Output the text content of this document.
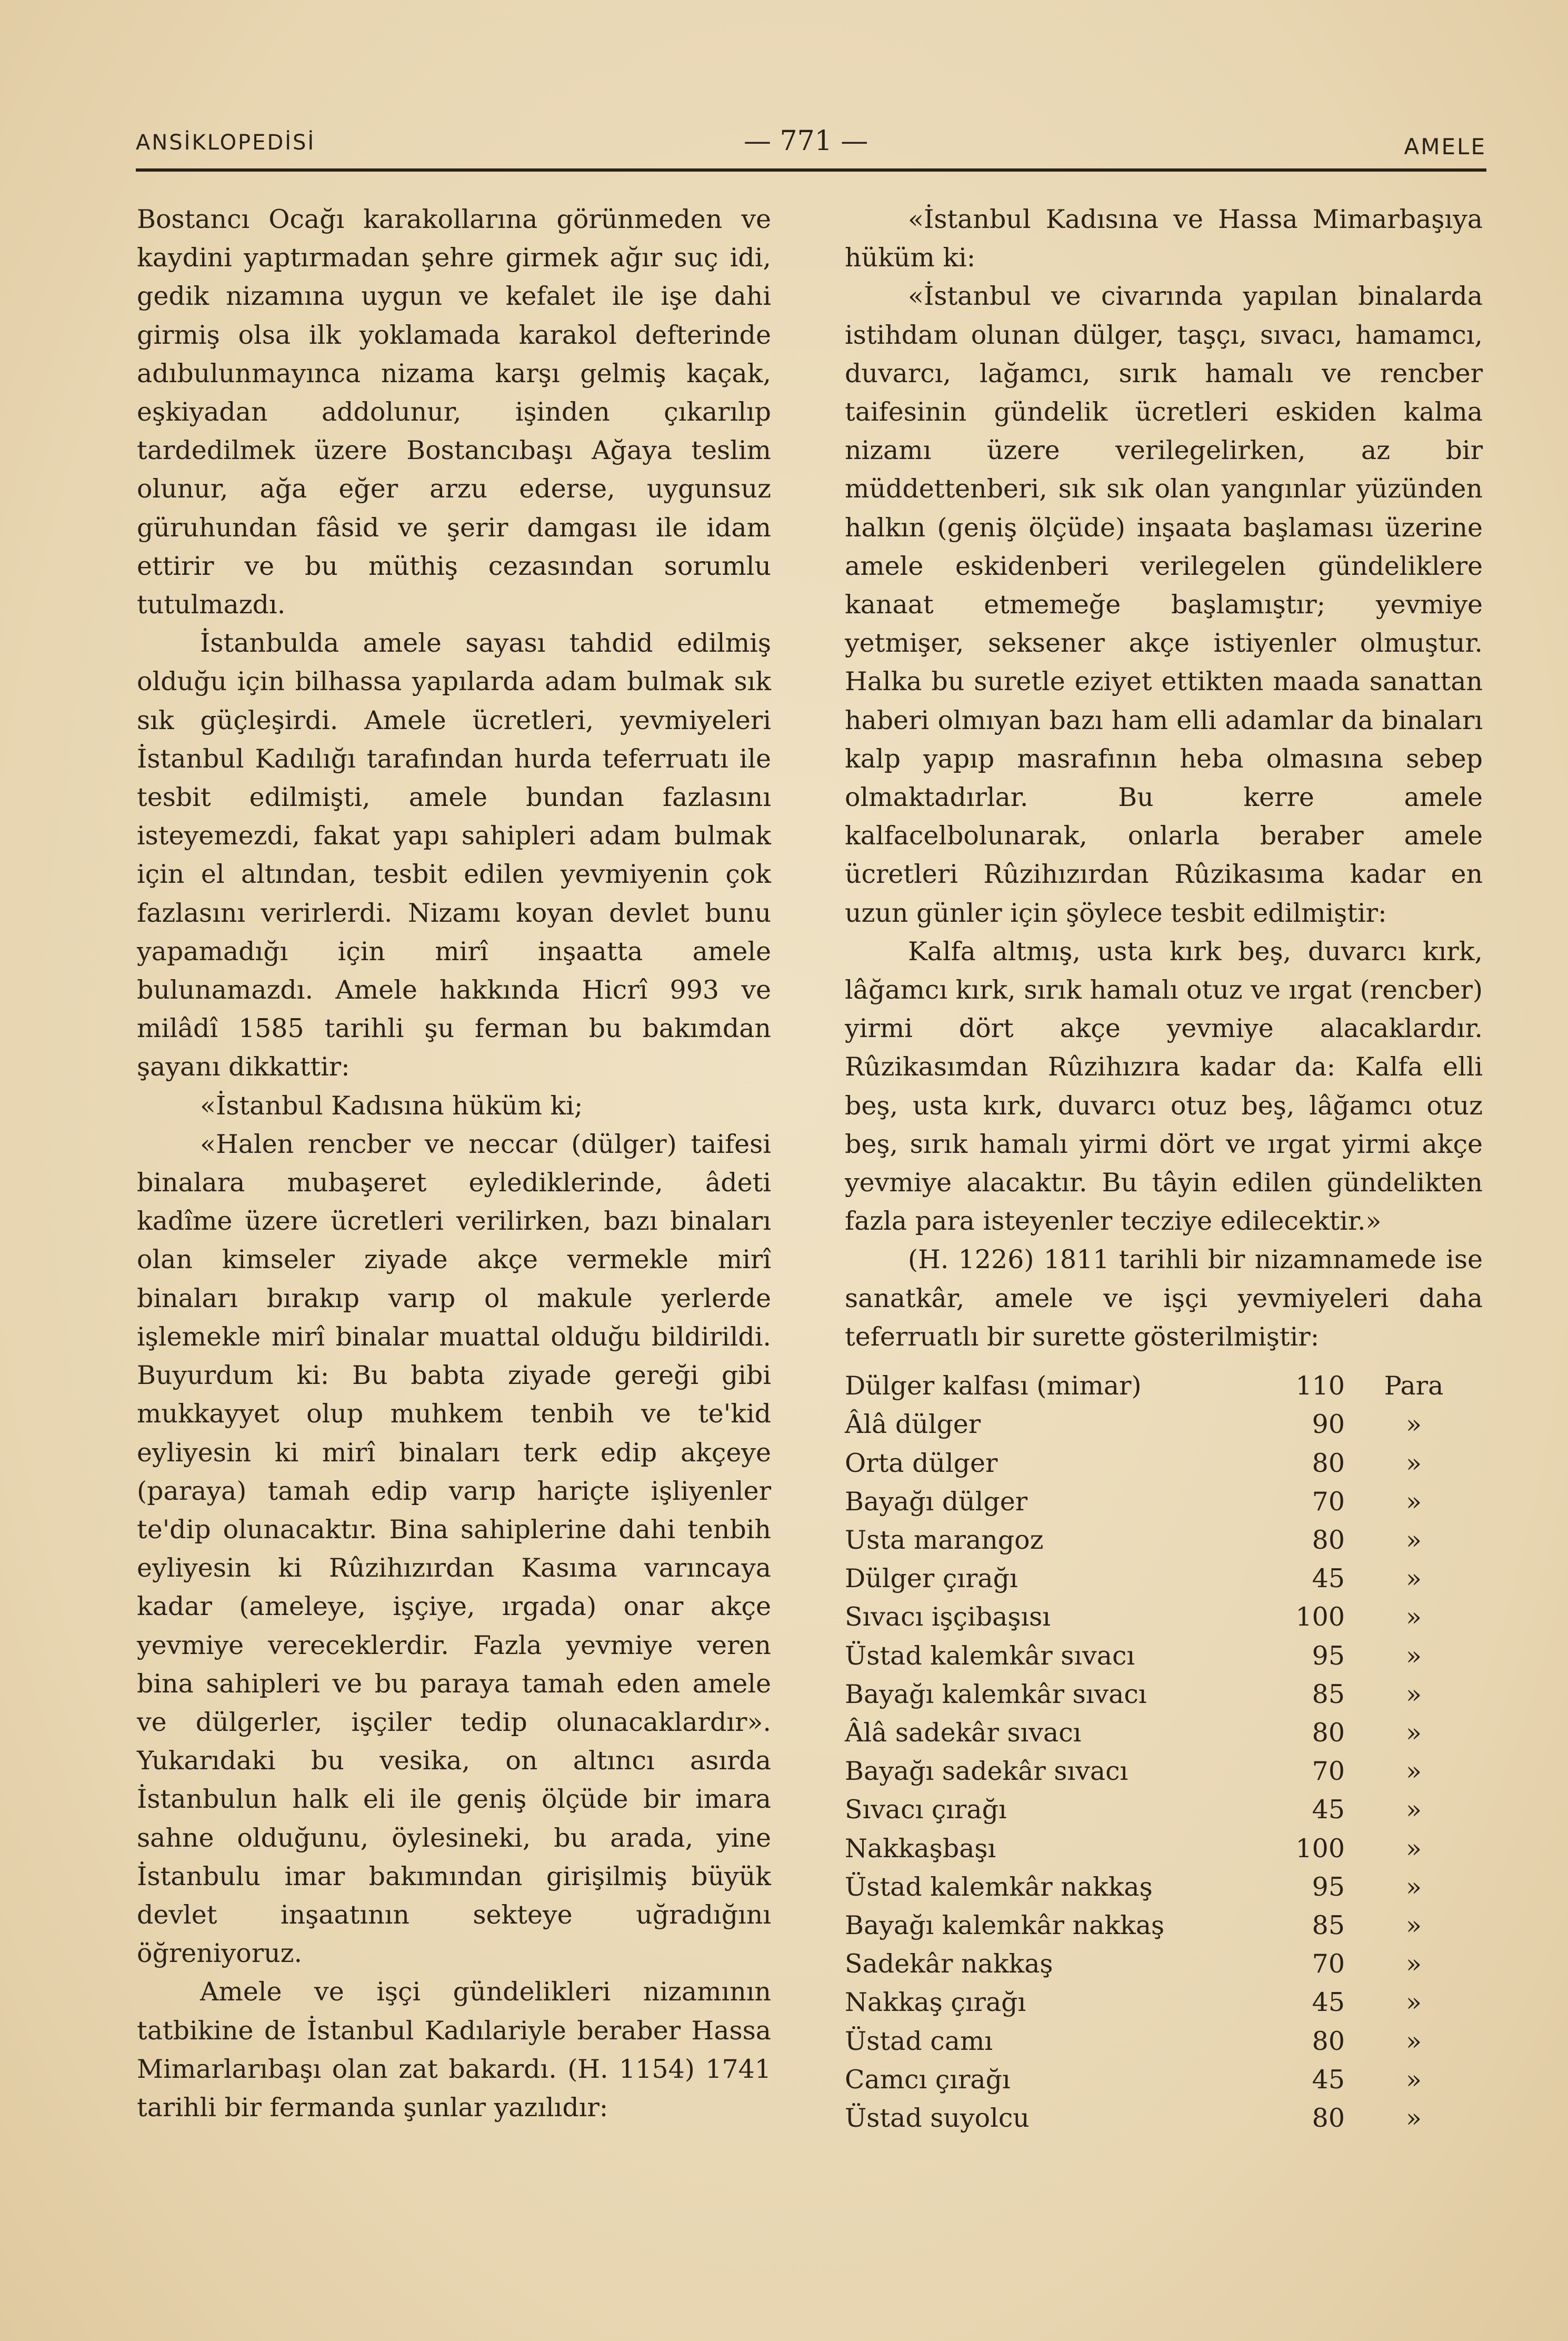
ANSİKLOPEDİSİ	— 771 —	AMELE

Bostancı Ocağı karakollarına görünmeden ve kaydini yaptırmadan şehre girmek ağır suç idi, gedik nizamına uygun ve kefalet ile işe dahi girmiş olsa ilk yoklamada karakol defterinde adıbulunmayınca nizama karşı gelmiş kaçak, eşkiyadan addolunur, işinden çıkarılıp tardedilmek üzere Bostancıbaşı Ağaya teslim olunur, ağa eğer arzu ederse, uygunsuz güruhundan fâsid ve şerir damgası ile idam ettirir ve bu müthiş cezasından sorumlu tutulmazdı.

İstanbulda amele sayası tahdid edilmiş olduğu için bilhassa yapılarda adam bulmak sık sık güçleşirdi. Amele ücretleri, yevmiyeleri İstanbul Kadılığı tarafından hurda teferruatı ile tesbit edilmişti, amele bundan fazlasını isteyemezdi, fakat yapı sahipleri adam bulmak için el altından, tesbit edilen yevmiyenin çok fazlasını verirlerdi. Nizamı koyan devlet bunu yapamadığı için mirî inşaatta amele bulunamazdı. Amele hakkında Hicrî 993 ve milâdî 1585 tarihli şu ferman bu bakımdan şayanı dikkattir:

«İstanbul Kadısına hüküm ki;

«Halen rencber ve neccar (dülger) taifesi binalara mubaşeret eylediklerinde, âdeti kadîme üzere ücretleri verilirken, bazı binaları olan kimseler ziyade akçe vermekle mirî binaları bırakıp varıp ol makule yerlerde işlemekle mirî binalar muattal olduğu bildirildi. Buyurdum ki: Bu babta ziyade gereği gibi mukkayyet olup muhkem tenbih ve te'kid eyliyesin ki mirî binaları terk edip akçeye (paraya) tamah edip varıp hariçte işliyenler te'dip olunacaktır. Bina sahiplerine dahi tenbih eyliyesin ki Rûzihızırdan Kasıma varıncaya kadar (ameleye, işçiye, ırgada) onar akçe yevmiye vereceklerdir. Fazla yevmiye veren bina sahipleri ve bu paraya tamah eden amele ve dülgerler, işçiler tedip olunacaklardır». Yukarıdaki bu vesika, on altıncı asırda İstanbulun halk eli ile geniş ölçüde bir imara sahne olduğunu, öylesineki, bu arada, yine İstanbulu imar bakımından girişilmiş büyük devlet inşaatının sekteye uğradığını öğreniyoruz.

Amele ve işçi gündelikleri nizamının tatbikine de İstanbul Kadılariyle beraber Hassa Mimarlarıbaşı olan zat bakardı. (H. 1154) 1741 tarihli bir fermanda şunlar yazılıdır:

«İstanbul Kadısına ve Hassa Mimarbaşıya hüküm ki:

«İstanbul ve civarında yapılan binalarda istihdam olunan dülger, taşçı, sıvacı, hamamcı, duvarcı, lağamcı, sırık hamalı ve rencber taifesinin gündelik ücretleri eskiden kalma nizamı üzere verilegelirken, az bir müddettenberi, sık sık olan yangınlar yüzünden halkın (geniş ölçüde) inşaata başlaması üzerine amele eskidenberi verilegelen gündeliklere kanaat etmemeğe başlamıştır; yevmiye yetmişer, seksener akçe istiyenler olmuştur. Halka bu suretle eziyet ettikten maada sanattan haberi olmıyan bazı ham elli adamlar da binaları kalp yapıp masrafının heba olmasına sebep olmaktadırlar. Bu kerre amele kalfacelbolunarak, onlarla beraber amele ücretleri Rûzihızırdan Rûzikasıma kadar en uzun günler için şöylece tesbit edilmiştir:

Kalfa altmış, usta kırk beş, duvarcı kırk, lâğamcı kırk, sırık hamalı otuz ve ırgat (rencber) yirmi dört akçe yevmiye alacaklardır. Rûzikasımdan Rûzihızıra kadar da: Kalfa elli beş, usta kırk, duvarcı otuz beş, lâğamcı otuz beş, sırık hamalı yirmi dört ve ırgat yirmi akçe yevmiye alacaktır. Bu tâyin edilen gündelikten fazla para isteyenler tecziye edilecektir.»

(H. 1226) 1811 tarihli bir nizamnamede ise sanatkâr, amele ve işçi yevmiyeleri daha teferruatlı bir surette gösterilmiştir:

Dülger kalfası (mimar)	110	Para
Âlâ dülger	90	»
Orta dülger	80	»
Bayağı dülger	70	»
Usta marangoz	80	»
Dülger çırağı	45	»
Sıvacı işçibaşısı	100	»
Üstad kalemkâr sıvacı	95	»
Bayağı kalemkâr sıvacı	85	»
Âlâ sadekâr sıvacı	80	»
Bayağı sadekâr sıvacı	70	»
Sıvacı çırağı	45	»
Nakkaşbaşı	100	»
Üstad kalemkâr nakkaş	95	»
Bayağı kalemkâr nakkaş	85	»
Sadekâr nakkaş	70	»
Nakkaş çırağı	45	»
Üstad camı	80	»
Camcı çırağı	45	»
Üstad suyolcu	80	»
